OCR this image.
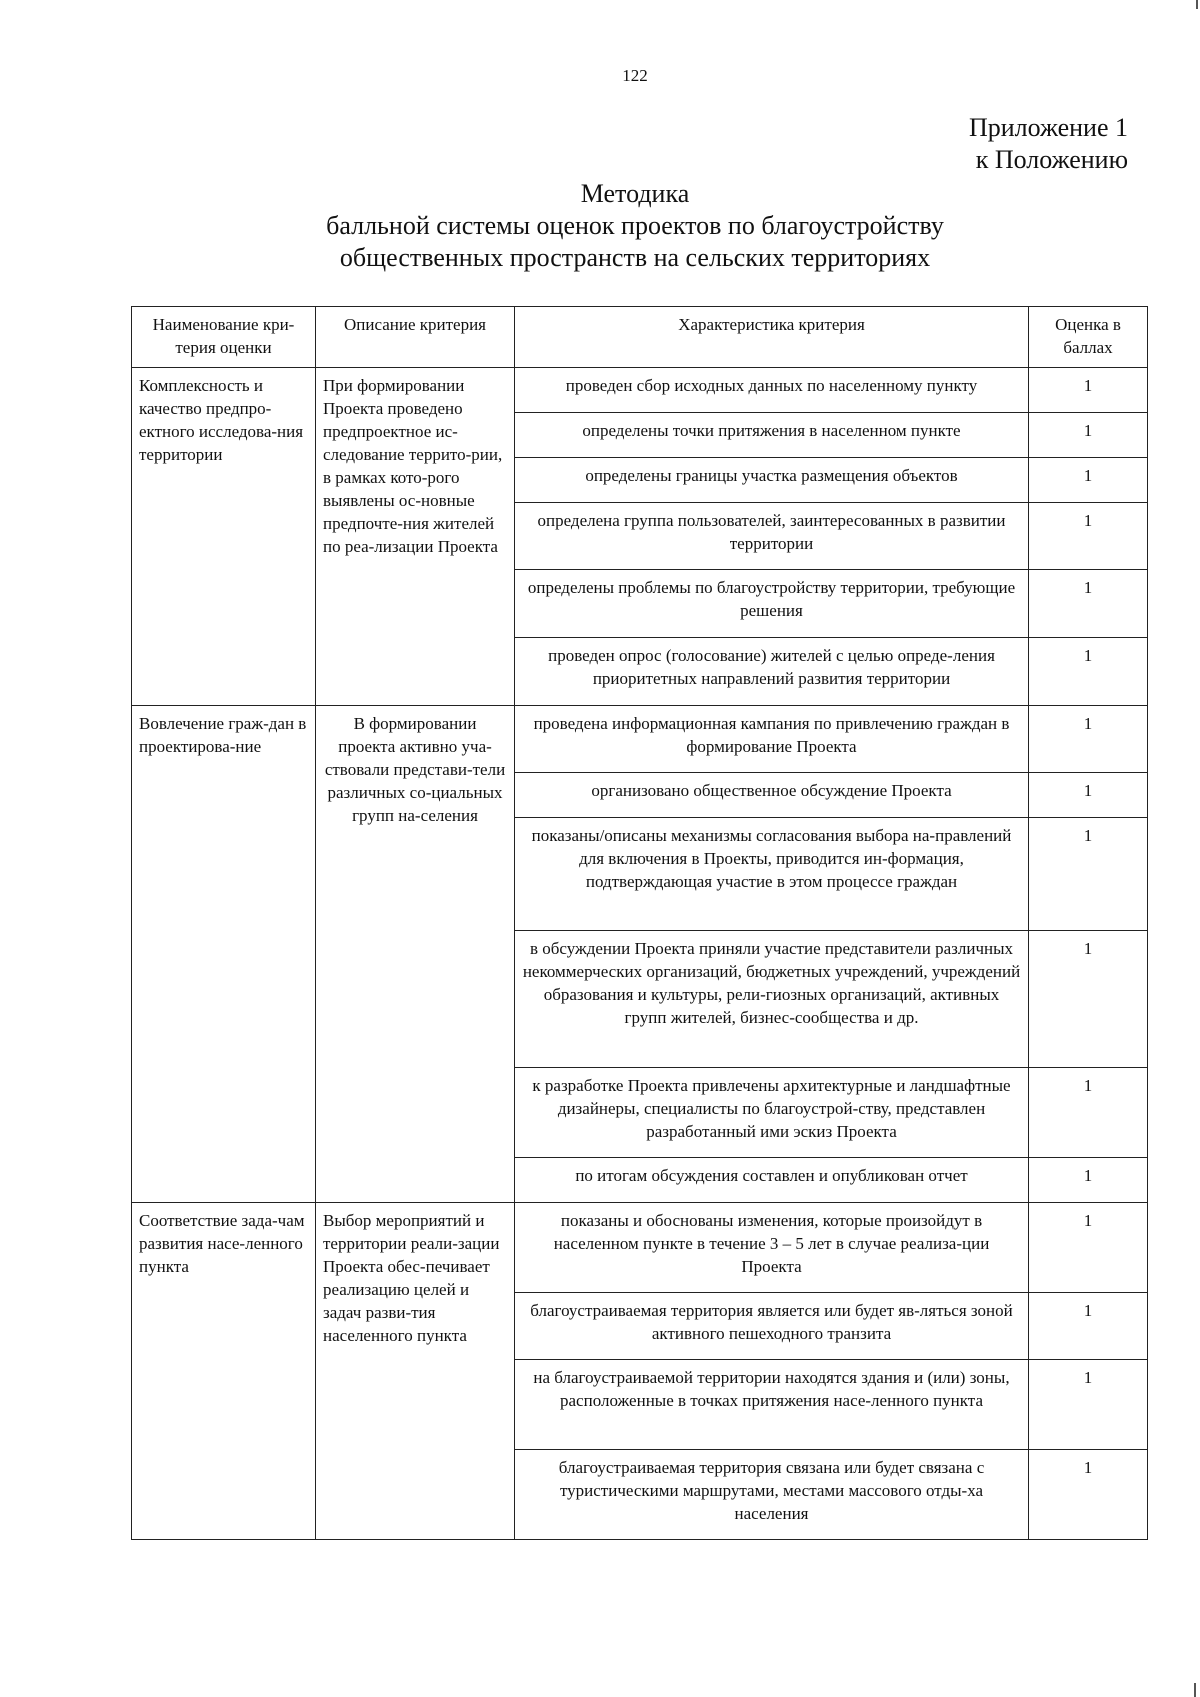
122
Приложение 1
к Положению
Методика
балльной системы оценок проектов по благоустройству
общественных пространств на сельских территориях
Наименование кри-терия оценки	Описание критерия	Характеристика критерия	Оценка в баллах
Комплексность и качество предпро-ектного исследова-ния территории	При формировании Проекта проведено предпроектное ис-следование террито-рии, в рамках кото-рого выявлены ос-новные предпочте-ния жителей по реа-лизации Проекта	проведен сбор исходных данных по населенному пункту	1
		определены точки притяжения в населенном пункте	1
		определены границы участка размещения объектов	1
		определена группа пользователей, заинтересованных в развитии территории	1
		определены проблемы по благоустройству территории, требующие решения	1
		проведен опрос (голосование) жителей с целью опреде-ления приоритетных направлений развития территории	1
Вовлечение граж-дан в проектирова-ние	В формировании проекта активно уча-ствовали представи-тели различных со-циальных групп на-селения	проведена информационная кампания по привлечению граждан в формирование Проекта	1
		организовано общественное обсуждение Проекта	1
		показаны/описаны механизмы согласования выбора на-правлений для включения в Проекты, приводится ин-формация, подтверждающая участие в этом процессе граждан	1
		в обсуждении Проекта приняли участие представители различных некоммерческих организаций, бюджетных учреждений, учреждений образования и культуры, рели-гиозных организаций, активных групп жителей, бизнес-сообщества и др.	1
		к разработке Проекта привлечены архитектурные и ландшафтные дизайнеры, специалисты по благоустрой-ству, представлен разработанный ими эскиз Проекта	1
		по итогам обсуждения составлен и опубликован отчет	1
Соответствие зада-чам развития насе-ленного пункта	Выбор мероприятий и территории реали-зации Проекта обес-печивает реализацию целей и задач разви-тия населенного пункта	показаны и обоснованы изменения, которые произойдут в населенном пункте в течение 3 – 5 лет в случае реализа-ции Проекта	1
		благоустраиваемая территория является или будет яв-ляться зоной активного пешеходного транзита	1
		на благоустраиваемой территории находятся здания и (или) зоны, расположенные в точках притяжения насе-ленного пункта	1
		благоустраиваемая территория связана или будет связана с туристическими маршрутами, местами массового отды-ха населения	1
